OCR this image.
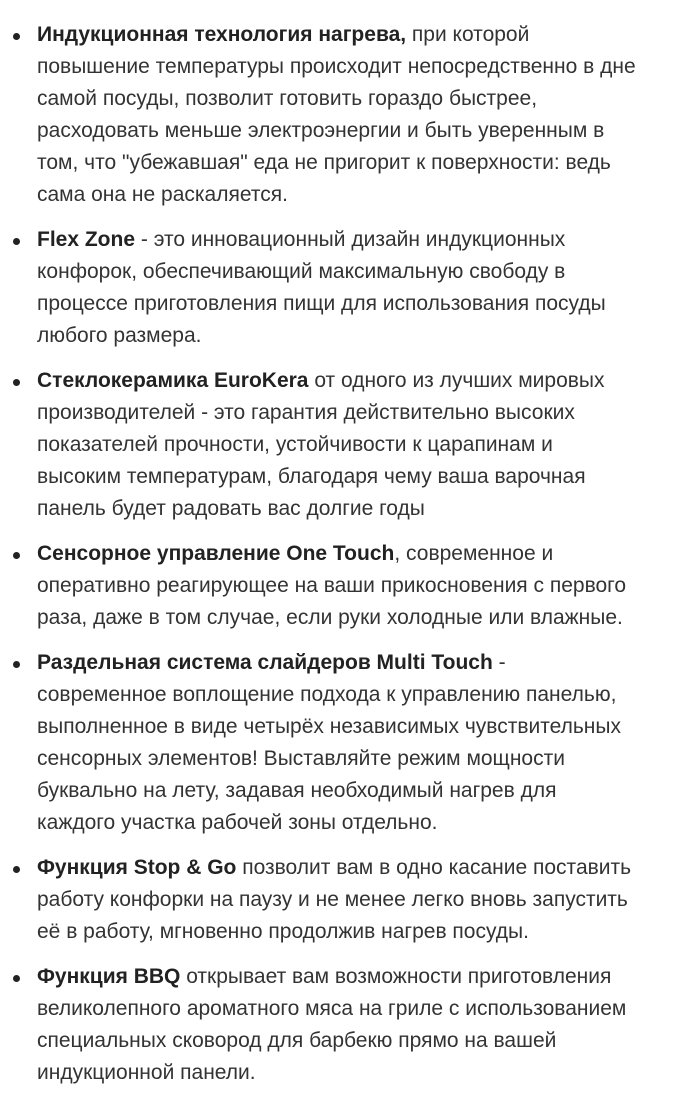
Индукционная технология нагрева, при которой
повышение температуры происходит непосредственно в дне
самой посуды, позволит готовить гораздо быстрее,
расходовать меньше электроэнергии и быть уверенным в
том, что "убежавшая" еда не пригорит к поверхности: ведь
сама она не раскаляется.
Flex Zone - это инновационный дизайн индукционных
конфорок, обеспечивающий максимальную свободу в
процессе приготовления пищи для использования посуды
любого размера.
Стеклокерамика EuroKera от одного из лучших мировых
производителей - это гарантия действительно высоких
показателей прочности, устойчивости к царапинам и
высоким температурам, благодаря чему ваша варочная
панель будет радовать вас долгие годы
Сенсорное управление One Touch, современное и
оперативно реагирующее на ваши прикосновения с первого
раза, даже в том случае, если руки холодные или влажные.
Раздельная система слайдеров Multi Touch -
современное воплощение подхода к управлению панелью,
выполненное в виде четырёх независимых чувствительных
сенсорных элементов! Выставляйте режим мощности
буквально на лету, задавая необходимый нагрев для
каждого участка рабочей зоны отдельно.
Функция Stop & Go позволит вам в одно касание поставить
работу конфорки на паузу и не менее легко вновь запустить
её в работу, мгновенно продолжив нагрев посуды.
Функция BBQ открывает вам возможности приготовления
великолепного ароматного мяса на гриле с использованием
специальных сковород для барбекю прямо на вашей
индукционной панели.
